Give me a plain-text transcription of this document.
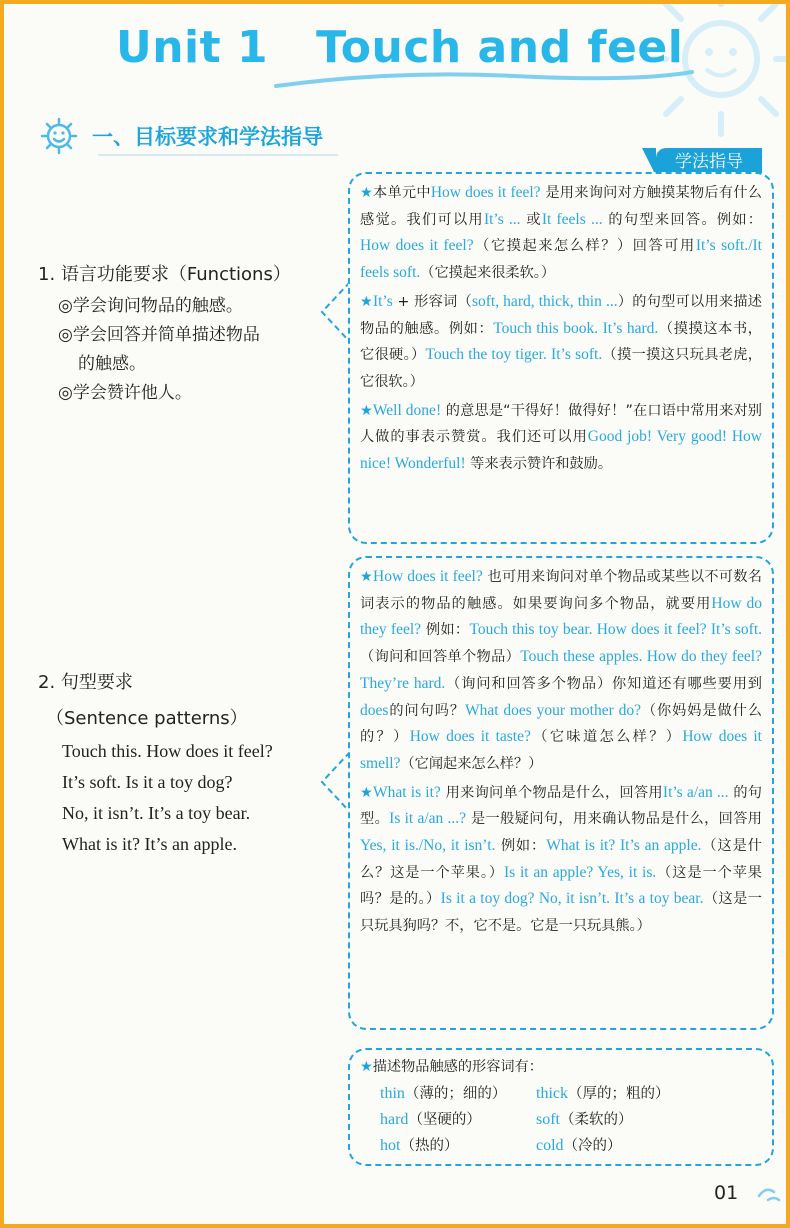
Unit 1 Touch and feel
一、目标要求和学法指导
学法指导
1. 语言功能要求（Functions）
◎学会询问物品的触感。
◎学会回答并简单描述物品
的触感。
◎学会赞许他人。
2. 句型要求
（Sentence patterns）
Touch this. How does it feel?
It’s soft. Is it a toy dog?
No, it isn’t. It’s a toy bear.
What is it? It’s an apple.

★本单元中How does it feel? 是用来询问对方触摸某物后有什么感觉。我们可以用It’s ... 或It feels ... 的句型来回答。例如：How does it feel?（它摸起来怎么样？）回答可用It’s soft./It feels soft.（它摸起来很柔软。）

★It’s + 形容词（soft, hard, thick, thin ...）的句型可以用来描述物品的触感。例如：Touch this book. It’s hard.（摸摸这本书，它很硬。）Touch the toy tiger. It’s soft.（摸一摸这只玩具老虎，它很软。）

★Well done! 的意思是“干得好！做得好！”在口语中常用来对别人做的事表示赞赏。我们还可以用Good job! Very good! How nice! Wonderful! 等来表示赞许和鼓励。

★How does it feel? 也可用来询问对单个物品或某些以不可数名词表示的物品的触感。如果要询问多个物品，就要用How do they feel? 例如：Touch this toy bear. How does it feel? It’s soft.（询问和回答单个物品）Touch these apples. How do they feel? They’re hard.（询问和回答多个物品）你知道还有哪些要用到does的问句吗？What does your mother do?（你妈妈是做什么的？）How does it taste?（它味道怎么样？）How does it smell?（它闻起来怎么样？）

★What is it? 用来询问单个物品是什么，回答用It’s a/an ... 的句型。Is it a/an ...? 是一般疑问句，用来确认物品是什么，回答用Yes, it is./No, it isn’t. 例如：What is it? It’s an apple.（这是什么？这是一个苹果。）Is it an apple? Yes, it is.（这是一个苹果吗？是的。）Is it a toy dog? No, it isn’t. It’s a toy bear.（这是一只玩具狗吗？不，它不是。它是一只玩具熊。）

★描述物品触感的形容词有：

thin（薄的；细的）	thick（厚的；粗的）
hard（坚硬的）	soft（柔软的）
hot（热的）	cold（冷的）
01
